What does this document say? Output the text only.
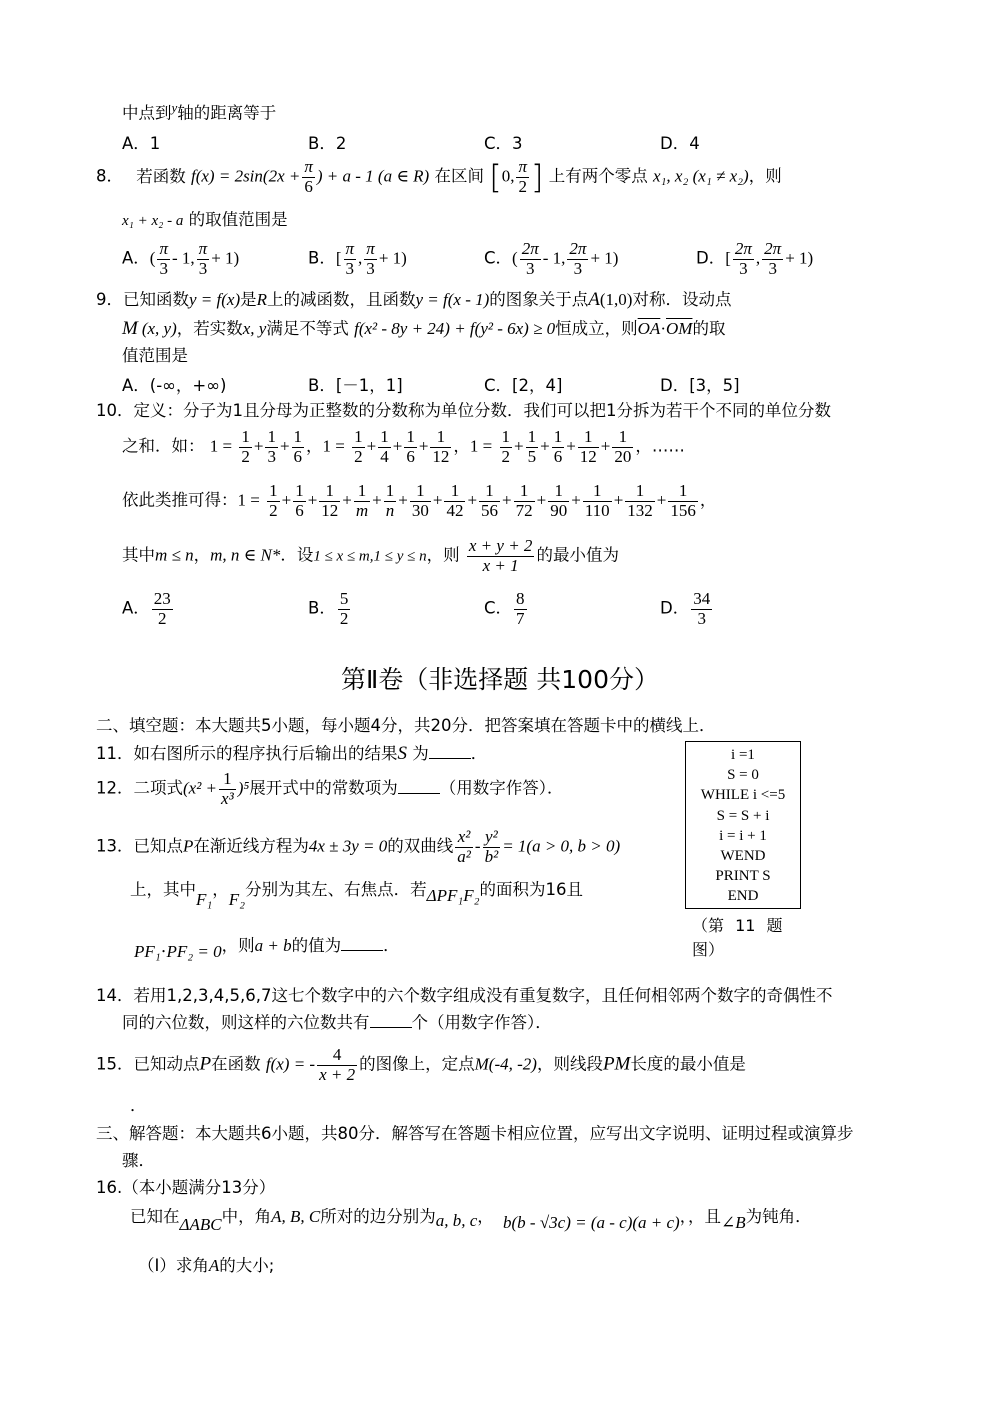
中点到$^y$轴的距离等于
A．1	B．2	C．3	D．4
8． 若函数 $f(x) = 2\sin(2x + \frac{\pi}{6}$ ) + a - 1 (a ∈ R) 在区间 [0, $\frac{\pi}{2}$ ] 上有两个零点 x₁, x₂ (x₁ ≠ x₂)，则
x₁ + x₂ - a 的取值范围是
A．( $\frac{\pi}{3} - 1$, $\frac{\pi}{3} + 1$)	B．[ $\frac{\pi}{3}$ , $\frac{\pi}{3} + 1$)	C．( $\frac{2\pi}{3} - 1$, $\frac{2\pi}{3} + 1$)	D．[ $\frac{2\pi}{3}$ , $\frac{2\pi}{3} + 1$)
9．已知函数y = f(x)是R上的减函数，且函数y = f(x - 1)的图象关于点A(1,0)对称．设动点
M (x, y)，若实数x, y满足不等式 f(x² - 8y + 24) + f(y² - 6x) ≥ 0恒成立，则$\overline{OA}\cdot\overline{OM}$的取
值范围是
A．(-∞，+∞)	B．[－1，1]	C．[2，4]	D．[3，5]
10．定义：分子为1且分母为正整数的分数称为单位分数．我们可以把1分拆为若干个不同的单位分数
之和．如： $1 = \frac{1}{2} + \frac{1}{3} + \frac{1}{6}$ ，$1 = \frac{1}{2} + \frac{1}{4} + \frac{1}{6} + \frac{1}{12}$ ，$1 = \frac{1}{2} + \frac{1}{5} + \frac{1}{6} + \frac{1}{12} + \frac{1}{20}$ ，……
依此类推可得：$1 = \frac{1}{2} + \frac{1}{6} + \frac{1}{12} + \frac{1}{m} + \frac{1}{n} + \frac{1}{30} + \frac{1}{42} + \frac{1}{56} + \frac{1}{72} + \frac{1}{90} + \frac{1}{110} + \frac{1}{132} + \frac{1}{156}$ ，
其中m ≤ n，m, n ∈ N*．设1 ≤ x ≤ m,1 ≤ y ≤ n，则 $\frac{x + y + 2}{x + 1}$ 的最小值为
A． $\frac{23}{2}$	B． $\frac{5}{2}$	C． $\frac{8}{7}$	D． $\frac{34}{3}$
第Ⅱ卷（非选择题 共100分）
二、填空题：本大题共5小题，每小题4分，共20分．把答案填在答题卡中的横线上．
11．如右图所示的程序执行后输出的结果S 为	．
12．二项式$(x^2 + \frac{1}{\text{x³}} )^5$展开式中的常数项为	（用数字作答）．
13．已知点P在渐近线方程为4x ± 3y = 0的双曲线 $\frac{\text{x²}}{\text{a²}} - \frac{\text{y²}}{\text{b²}} = 1(a > 0$, b > 0)
上，其中F₁，F₂分别为其左、右焦点．若ΔPF₁F₂的面积为16且
PF₁⋅PF₂ = 0，则a + b的值为	．
i =1
S = 0
WHILE i <=5
S = S + i
i = i + 1
WEND
PRINT S
END
（第 11 题
图）
14．若用1,2,3,4,5,6,7这七个数字中的六个数字组成没有重复数字，且任何相邻两个数字的奇偶性不
同的六位数，则这样的六位数共有	个（用数字作答）．
15．已知动点P在函数 f(x) = - $\frac{4}{x + 2}$ 的图像上，定点M(-4, -2)，则线段PM长度的最小值是
．
三、解答题：本大题共6小题，共80分．解答写在答题卡相应位置，应写出文字说明、证明过程或演算步
骤．
16.（本小题满分13分）
已知在ΔABC中，角A, B, C所对的边分别为a, b, c， b(b - √3c) = (a - c)(a + c)，，且∠B为钝角．
（Ⅰ）求角A的大小;
